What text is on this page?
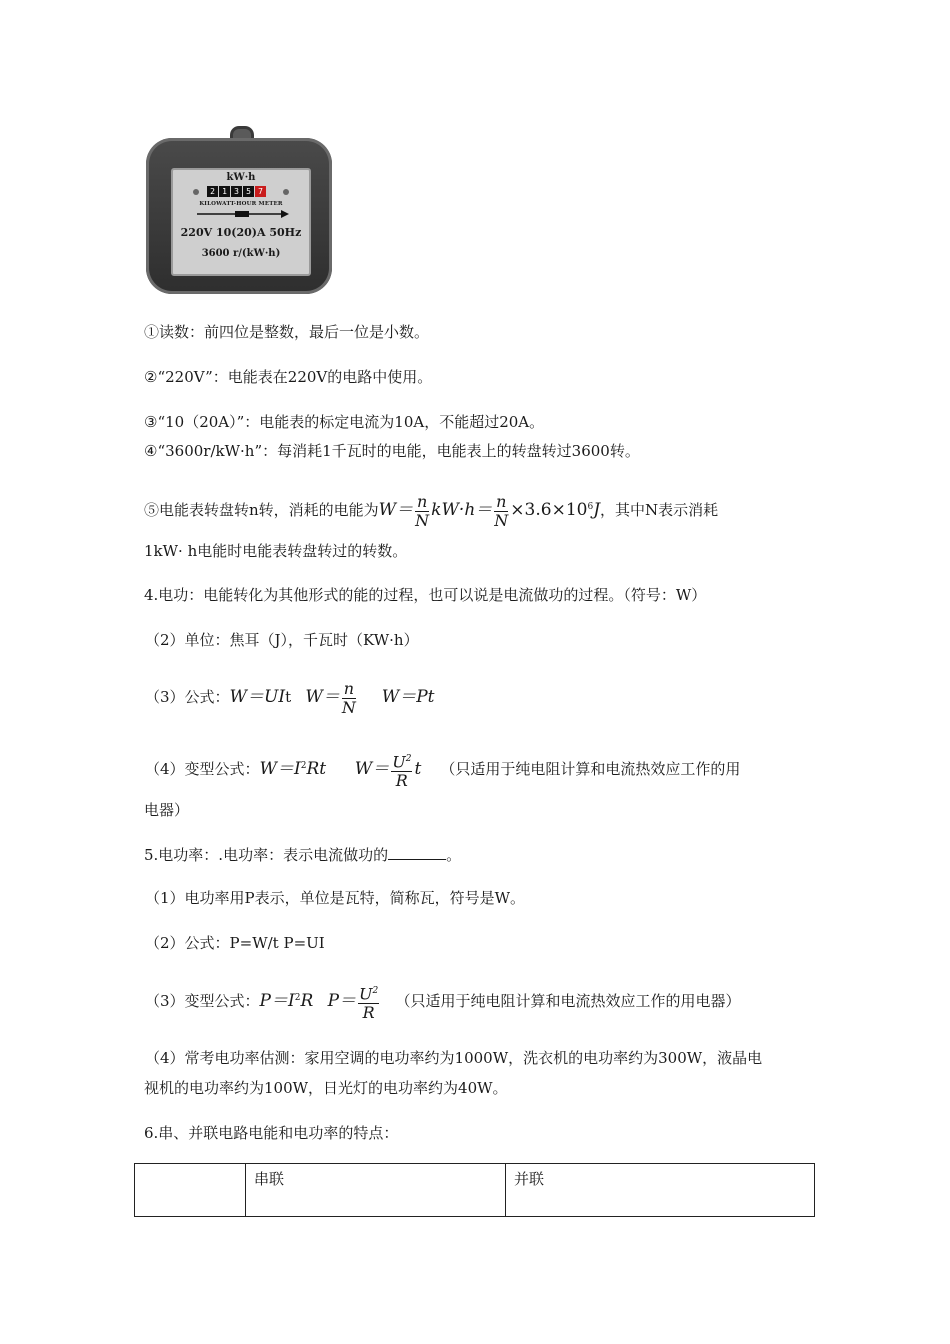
kW·h
2 1 3 5 7
KILOWATT-HOUR METER
220V 10(20)A 50Hz
3600 r/(kW·h)
①读数：前四位是整数，最后一位是小数。
②“220V”：电能表在220V的电路中使用。
③“10（20A）”：电能表的标定电流为10A，不能超过20A。
④“3600r/kW·h”：每消耗1千瓦时的电能，电能表上的转盘转过3600转。
⑤电能表转盘转n转，消耗的电能为$W= \frac{n}{N} kW\cdot h= \frac{n}{N} \times 3.6\times 10^6J$，其中N表示消耗
1kW· h电能时电能表转盘转过的转数。
4.电功：电能转化为其他形式的能的过程，也可以说是电流做功的过程。（符号：W）
（2）单位：焦耳（J），千瓦时（KW·h）
（3）公式：W＝UIt $W= \frac{n}{N} W=Pt$
（4）变型公式：$W=I^2Rt$ $W= \frac{U^2}{R}$ t （只适用于纯电阻计算和电流热效应工作的用
电器）
5.电功率：.电功率：表示电流做功的	。
（1）电功率用P表示，单位是瓦特，简称瓦，符号是W。
（2）公式：P=W/t P=UI
（3）变型公式：$P=I^2R$ $P= \frac{U^2}{R}$ （只适用于纯电阻计算和电流热效应工作的用电器）
（4）常考电功率估测：家用空调的电功率约为1000W，洗衣机的电功率约为300W，液晶电
视机的电功率约为100W，日光灯的电功率约为40W。
6.串、并联电路电能和电功率的特点：
	串联	并联
